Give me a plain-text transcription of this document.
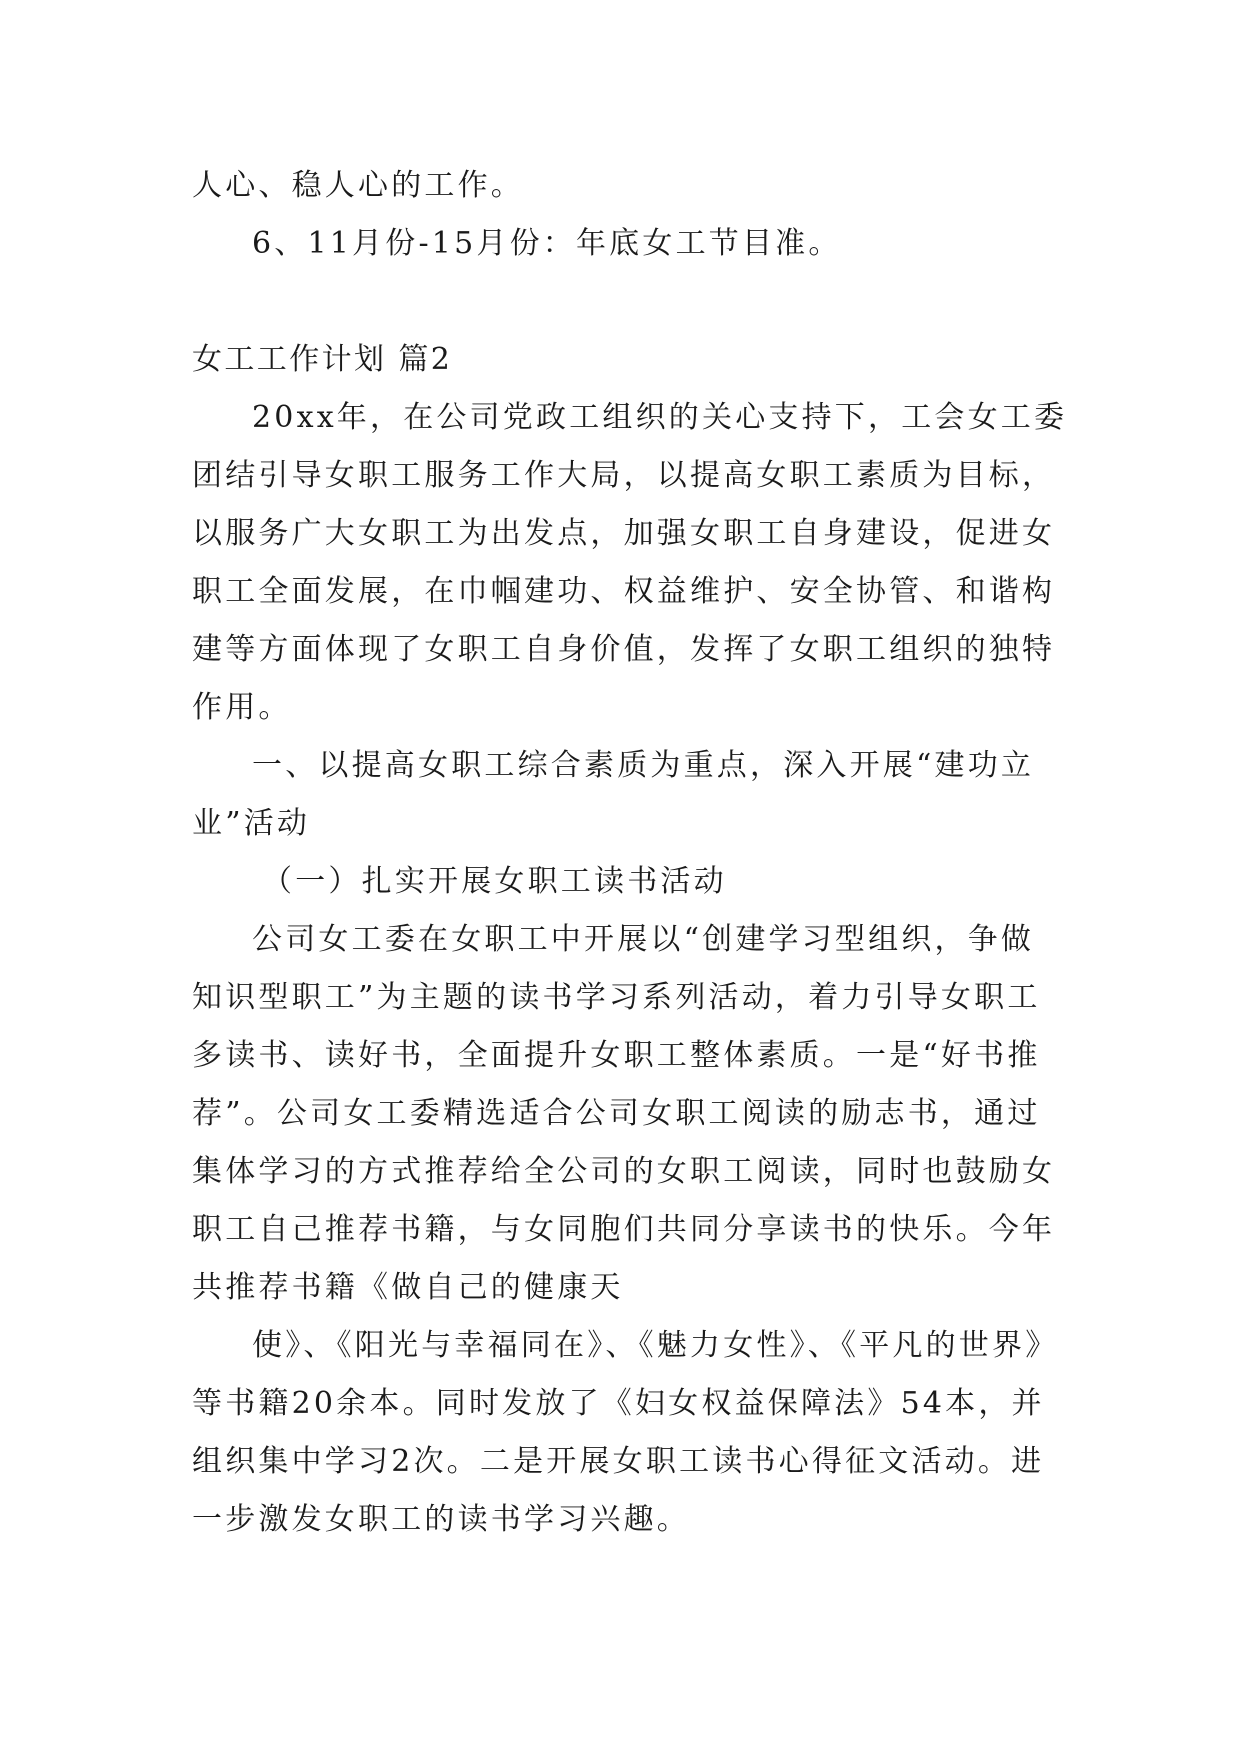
人心、稳人心的工作。
6、11月份-15月份：年底女工节目准。
女工工作计划 篇2
20xx年，在公司党政工组织的关心支持下，工会女工委
团结引导女职工服务工作大局，以提高女职工素质为目标，
以服务广大女职工为出发点，加强女职工自身建设，促进女
职工全面发展，在巾帼建功、权益维护、安全协管、和谐构
建等方面体现了女职工自身价值，发挥了女职工组织的独特
作用。
一、以提高女职工综合素质为重点，深入开展“建功立
业”活动
（一）扎实开展女职工读书活动
公司女工委在女职工中开展以“创建学习型组织，争做
知识型职工”为主题的读书学习系列活动，着力引导女职工
多读书、读好书，全面提升女职工整体素质。一是“好书推
荐”。公司女工委精选适合公司女职工阅读的励志书，通过
集体学习的方式推荐给全公司的女职工阅读，同时也鼓励女
职工自己推荐书籍，与女同胞们共同分享读书的快乐。今年
共推荐书籍《做自己的健康天
使》、《阳光与幸福同在》、《魅力女性》、《平凡的世界》
等书籍20余本。同时发放了《妇女权益保障法》54本，并
组织集中学习2次。二是开展女职工读书心得征文活动。进
一步激发女职工的读书学习兴趣。
